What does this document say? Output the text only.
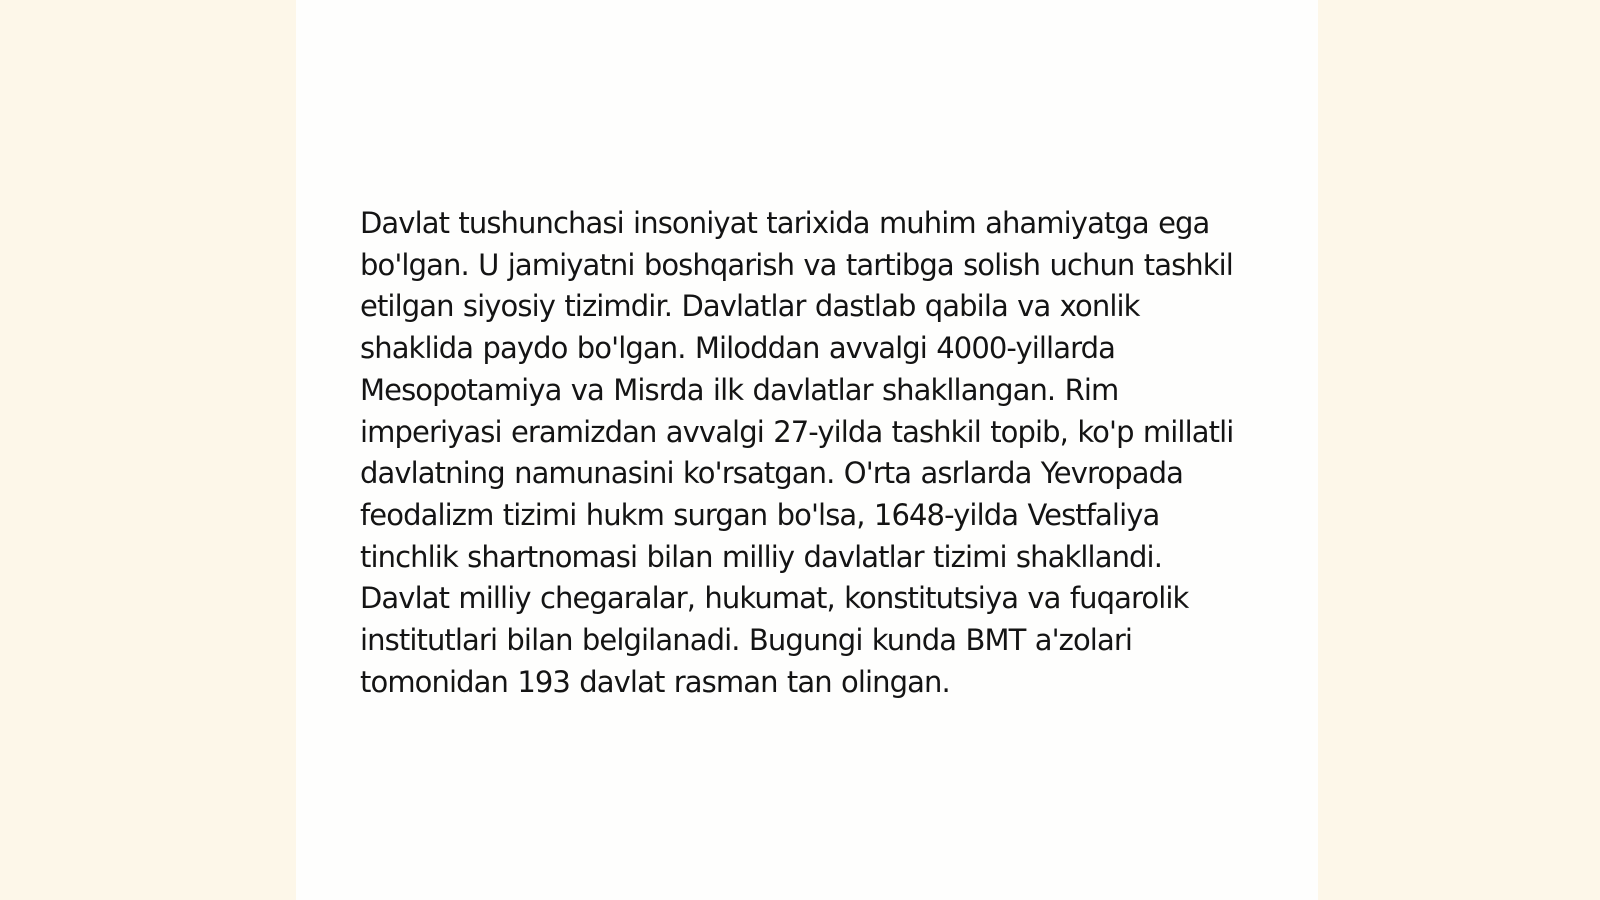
Davlat tushunchasi insoniyat tarixida muhim ahamiyatga ega bo'lgan. U jamiyatni boshqarish va tartibga solish uchun tashkil etilgan siyosiy tizimdir. Davlatlar dastlab qabila va xonlik shaklida paydo bo'lgan. Miloddan avvalgi 4000-yillarda Mesopotamiya va Misrda ilk davlatlar shakllangan. Rim imperiyasi eramizdan avvalgi 27-yilda tashkil topib, ko'p millatli davlatning namunasini ko'rsatgan. O'rta asrlarda Yevropada feodalizm tizimi hukm surgan bo'lsa, 1648-yilda Vestfaliya tinchlik shartnomasi bilan milliy davlatlar tizimi shakllandi. Davlat milliy chegaralar, hukumat, konstitutsiya va fuqarolik institutlari bilan belgilanadi. Bugungi kunda BMT a'zolari tomonidan 193 davlat rasman tan olingan.
